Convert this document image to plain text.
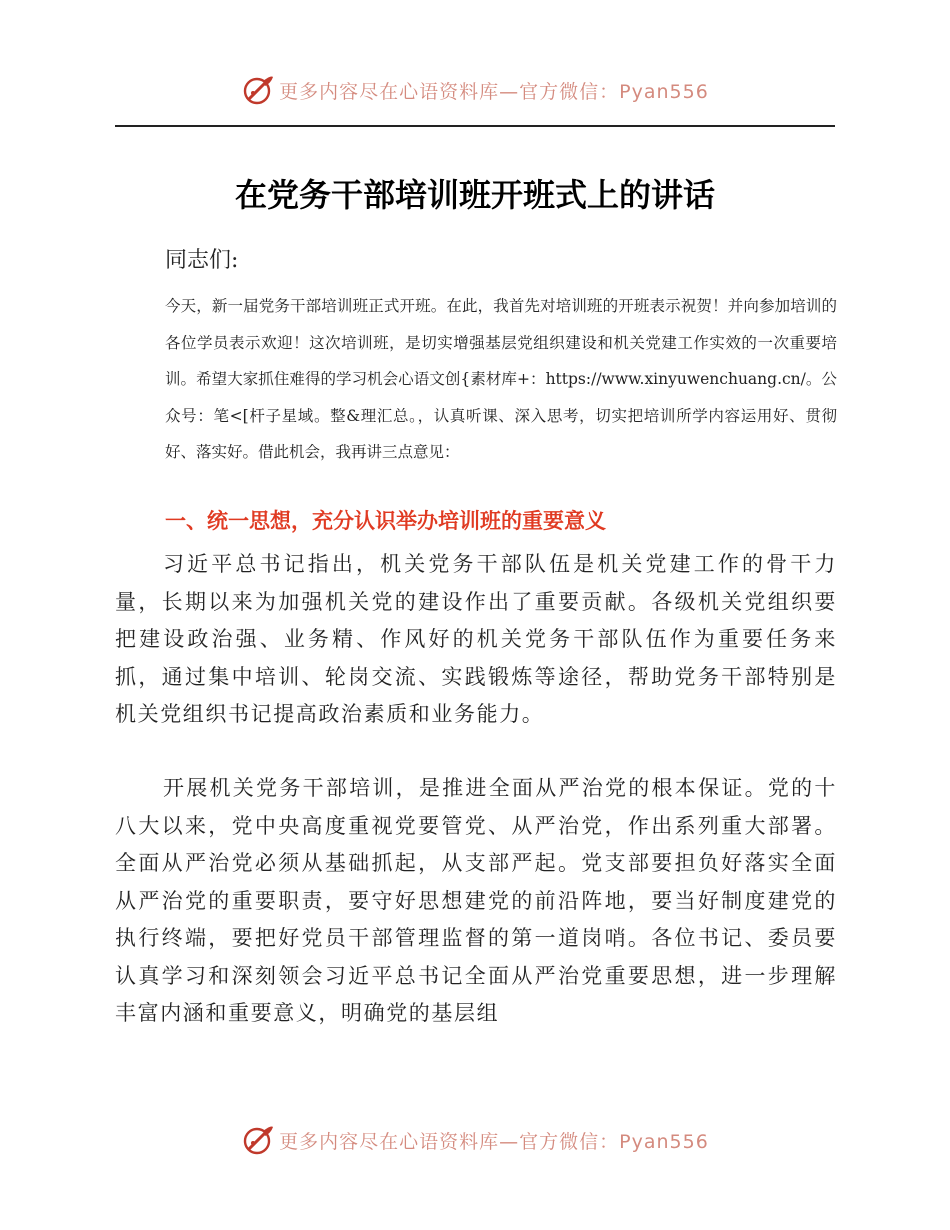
更多内容尽在心语资料库—官方微信：Pyan556
在党务干部培训班开班式上的讲话
同志们:
今天，新一届党务干部培训班正式开班。在此，我首先对培训班的开班表示祝贺！并向参加培训的各位学员表示欢迎！这次培训班，是切实增强基层党组织建设和机关党建工作实效的一次重要培训。希望大家抓住难得的学习机会心语文创{素材库+：https://www.xinyuwenchuang.cn/。公众号：笔<[杆子星域。整&理汇总。，认真听课、深入思考，切实把培训所学内容运用好、贯彻好、落实好。借此机会，我再讲三点意见：
一、统一思想，充分认识举办培训班的重要意义
习近平总书记指出，机关党务干部队伍是机关党建工作的骨干力量，长期以来为加强机关党的建设作出了重要贡献。各级机关党组织要把建设政治强、业务精、作风好的机关党务干部队伍作为重要任务来抓，通过集中培训、轮岗交流、实践锻炼等途径，帮助党务干部特别是机关党组织书记提高政治素质和业务能力。
开展机关党务干部培训，是推进全面从严治党的根本保证。党的十八大以来，党中央高度重视党要管党、从严治党，作出系列重大部署。全面从严治党必须从基础抓起，从支部严起。党支部要担负好落实全面从严治党的重要职责，要守好思想建党的前沿阵地，要当好制度建党的执行终端，要把好党员干部管理监督的第一道岗哨。各位书记、委员要认真学习和深刻领会习近平总书记全面从严治党重要思想，进一步理解丰富内涵和重要意义，明确党的基层组
更多内容尽在心语资料库—官方微信：Pyan556
